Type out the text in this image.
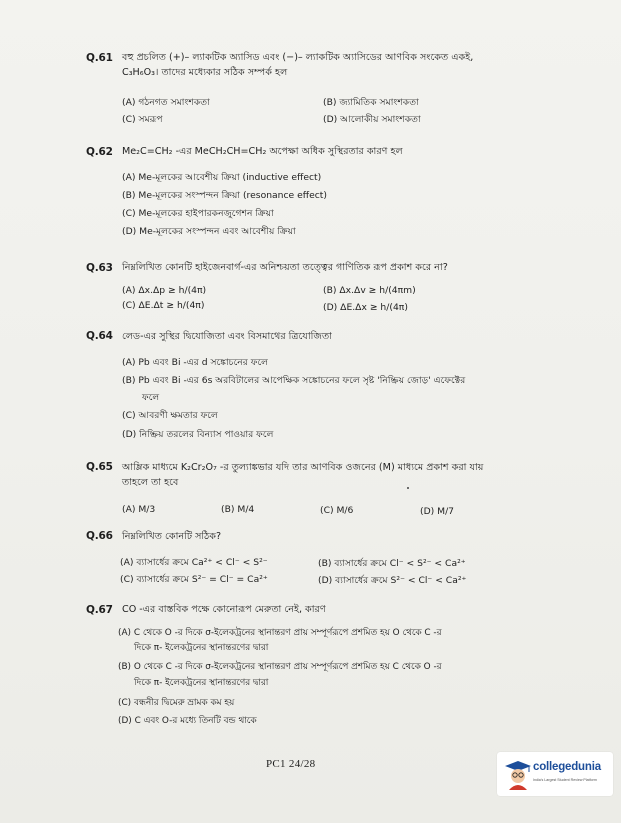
Q.61 বহু প্রচলিত (+)– ল্যাকটিক অ্যাসিড এবং (−)– ল্যাকটিক অ্যাসিডের আণবিক সংকেত একই,
C₃H₆O₃। তাদের মধ্যেকার সঠিক সম্পর্ক হল
(A) গঠনগত সমাংশকতা	(B) জ্যামিতিক সমাংশকতা
(C) সমরূপ	(D) আলোকীয় সমাংশকতা
Q.62 Me₂C=CH₂ -এর MeCH₂CH=CH₂ অপেক্ষা অধিক সুস্থিরতার কারণ হল
(A) Me-মূলকের আবেশীয় ক্রিয়া (inductive effect)
(B) Me-মূলকের সংস্পন্দন ক্রিয়া (resonance effect)
(C) Me-মূলকের হাইপারকনজুগেশন ক্রিয়া
(D) Me-মূলকের সংস্পন্দন এবং আবেশীয় ক্রিয়া
Q.63 নিম্নলিখিত কোনটি হাইজেনবার্গ-এর অনিশ্চয়তা তত্ত্বের গাণিতিক রূপ প্রকাশ করে না?
(A) Δx.Δp ≥ h/(4π)	(B) Δx.Δv ≥ h/(4πm)
(C) ΔE.Δt ≥ h/(4π)	(D) ΔE.Δx ≥ h/(4π)
Q.64 লেড-এর সুস্থির দ্বিযোজিতা এবং বিসমাথের ত্রিযোজিতা
(A) Pb এবং Bi -এর d সঙ্কোচনের ফলে
(B) Pb এবং Bi -এর 6s অরবিটালের আপেক্ষিক সঙ্কোচনের ফলে সৃষ্ট 'নিষ্ক্রিয় জোড়' এফেক্টের
ফলে
(C) আবরণী ক্ষমতার ফলে
(D) নিষ্ক্রিয় তরলের বিন্যাস পাওয়ার ফলে
Q.65 আম্লিক মাধ্যমে K₂Cr₂O₇ -র তুল্যাঙ্কভার যদি তার আণবিক ওজনের (M) মাধ্যমে প্রকাশ করা যায়
তাহলে তা হবে
(A) M/3	(B) M/4	(C) M/6	(D) M/7
Q.66 নিম্নলিখিত কোনটি সঠিক?
(A) ব্যাসার্ধের ক্রমে Ca²⁺ < Cl⁻ < S²⁻	(B) ব্যাসার্ধের ক্রমে Cl⁻ < S²⁻ < Ca²⁺
(C) ব্যাসার্ধের ক্রমে S²⁻ = Cl⁻ = Ca²⁺	(D) ব্যাসার্ধের ক্রমে S²⁻ < Cl⁻ < Ca²⁺
Q.67 CO -এর বাস্তবিক পক্ষে কোনোরূপ মেরুতা নেই, কারণ
(A) C থেকে O -র দিকে σ-ইলেকট্রনের স্থানান্তরণ প্রায় সম্পূর্ণরূপে প্রশমিত হয় O থেকে C -র
দিকে π- ইলেকট্রনের স্থানান্তরণের দ্বারা
(B) O থেকে C -র দিকে σ-ইলেকট্রনের স্থানান্তরণ প্রায় সম্পূর্ণরূপে প্রশমিত হয় C থেকে O -র
দিকে π- ইলেকট্রনের স্থানান্তরণের দ্বারা
(C) বন্ধনীর দ্বিমেরু ভ্রামক কম হয়
(D) C এবং O-র মধ্যে তিনটি বন্ড থাকে
PC1 24/28	collegedunia
India's Largest Student Review Platform
